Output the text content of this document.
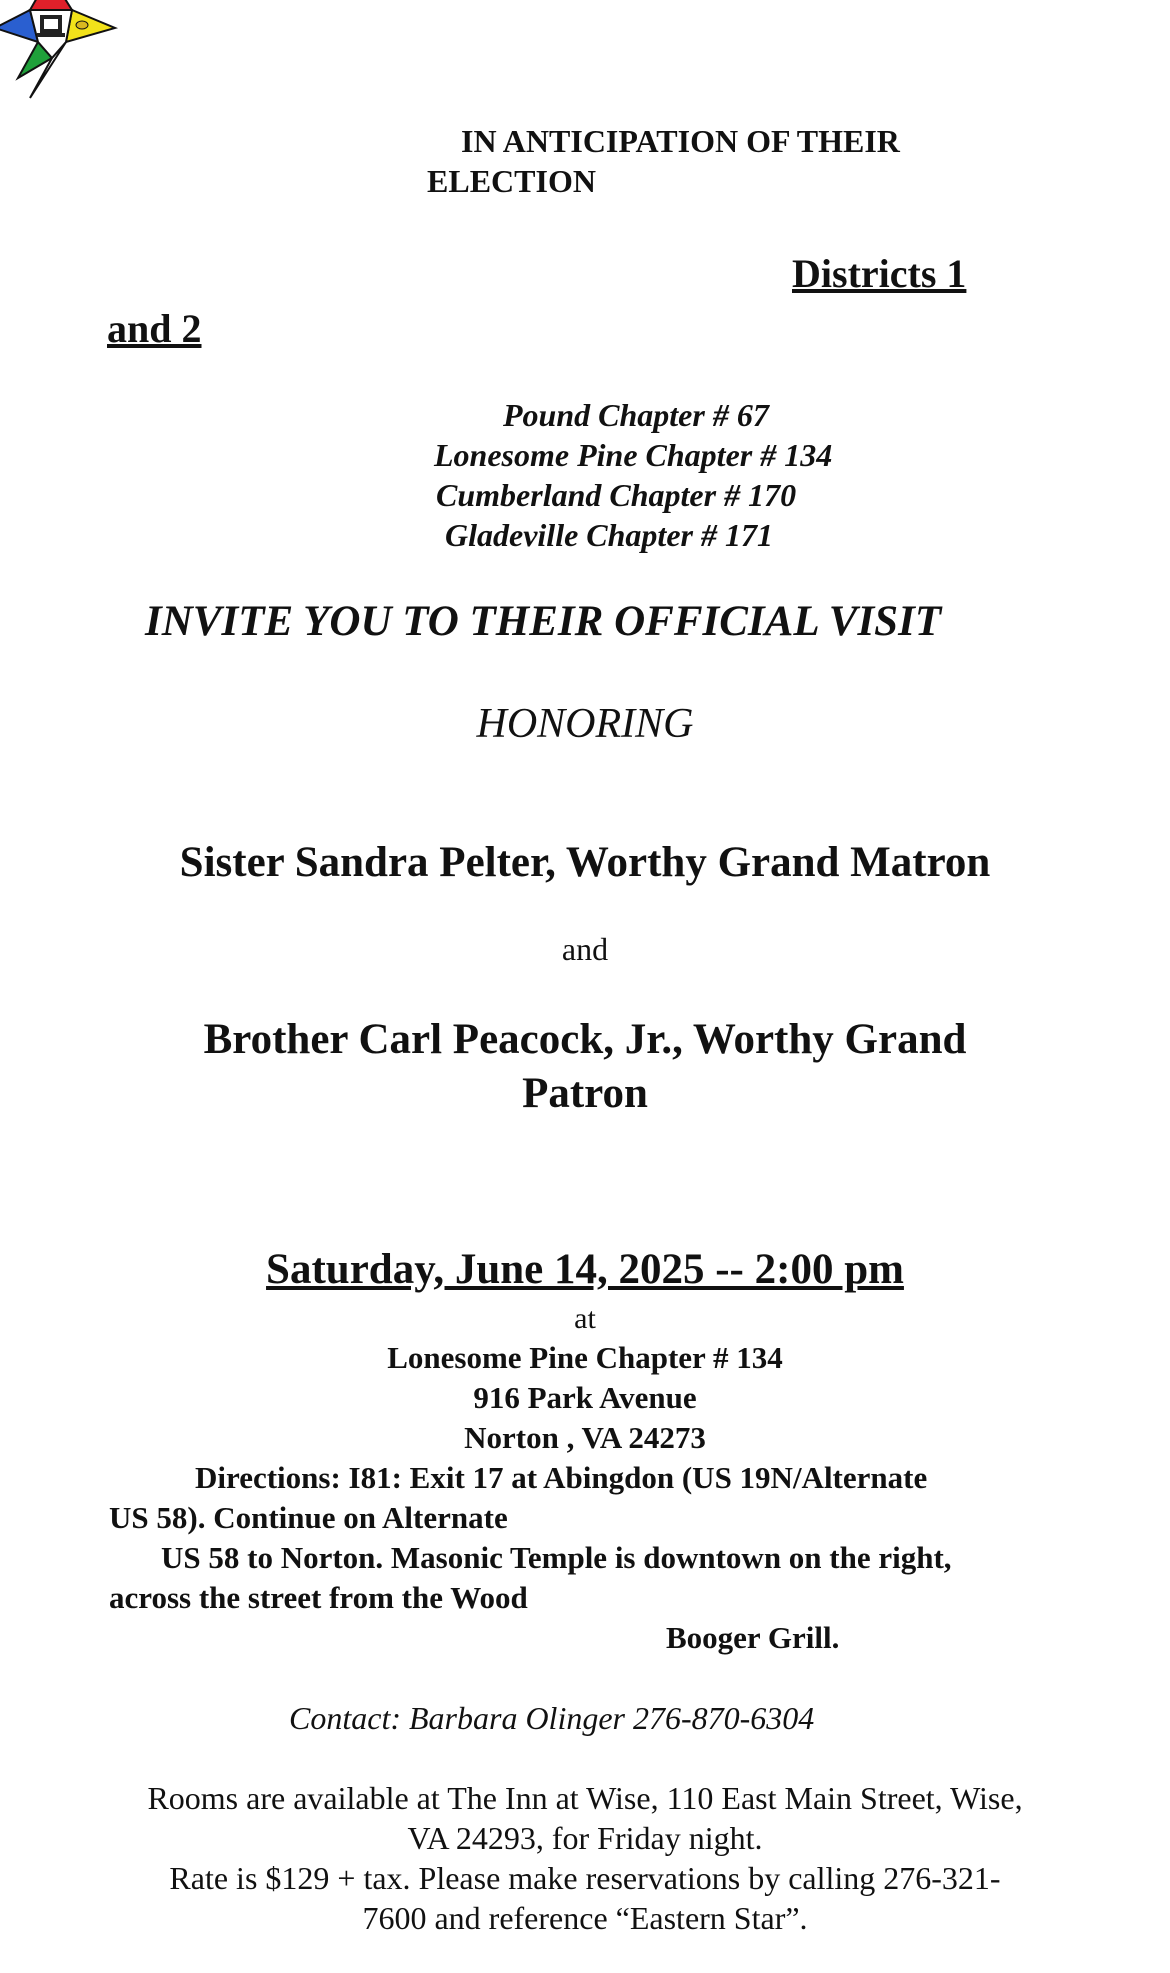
IN ANTICIPATION OF THEIR
ELECTION
Districts 1
and 2
Pound Chapter # 67
Lonesome Pine Chapter # 134
Cumberland Chapter # 170
Gladeville Chapter # 171
INVITE YOU TO THEIR OFFICIAL VISIT
HONORING
Sister Sandra Pelter, Worthy Grand Matron
and
Brother Carl Peacock, Jr., Worthy Grand
Patron
Saturday, June 14, 2025 -- 2:00 pm
at
Lonesome Pine Chapter # 134
916 Park Avenue
Norton , VA 24273
Directions: I81: Exit 17 at Abingdon (US 19N/Alternate
US 58). Continue on Alternate
US 58 to Norton. Masonic Temple is downtown on the right,
across the street from the Wood
Booger Grill.
Contact: Barbara Olinger 276-870-6304
Rooms are available at The Inn at Wise, 110 East Main Street, Wise,
VA 24293, for Friday night.
Rate is $129 + tax. Please make reservations by calling 276-321-
7600 and reference “Eastern Star”.
